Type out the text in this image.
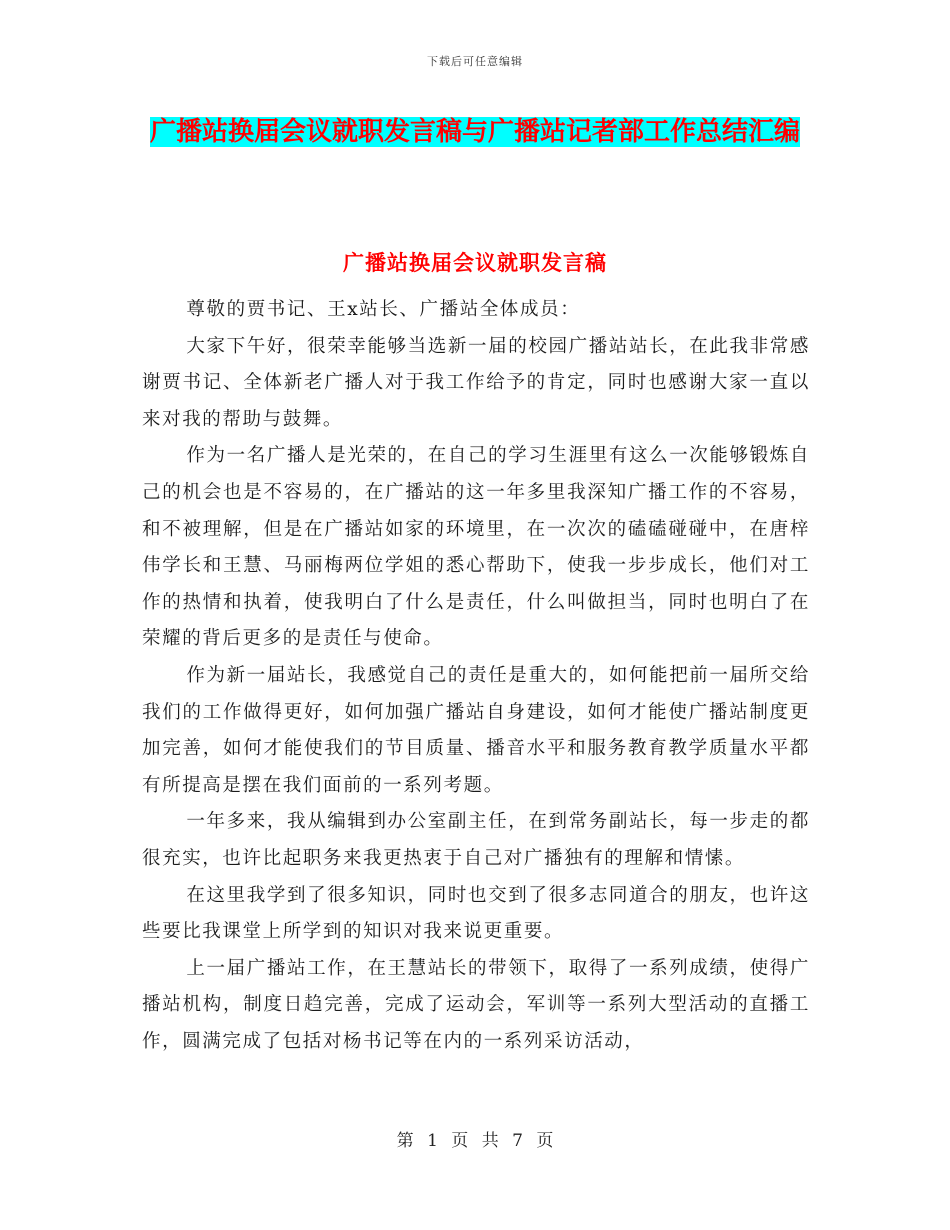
下载后可任意编辑
广播站换届会议就职发言稿与广播站记者部工作总结汇编
广播站换届会议就职发言稿

尊敬的贾书记、王x站长、广播站全体成员：

大家下午好，很荣幸能够当选新一届的校园广播站站长，在此我非常感谢贾书记、全体新老广播人对于我工作给予的肯定，同时也感谢大家一直以来对我的帮助与鼓舞。

作为一名广播人是光荣的，在自己的学习生涯里有这么一次能够锻炼自己的机会也是不容易的，在广播站的这一年多里我深知广播工作的不容易，和不被理解，但是在广播站如家的环境里，在一次次的磕磕碰碰中，在唐梓伟学长和王慧、马丽梅两位学姐的悉心帮助下，使我一步步成长，他们对工作的热情和执着，使我明白了什么是责任，什么叫做担当，同时也明白了在荣耀的背后更多的是责任与使命。

作为新一届站长，我感觉自己的责任是重大的，如何能把前一届所交给我们的工作做得更好，如何加强广播站自身建设，如何才能使广播站制度更加完善，如何才能使我们的节目质量、播音水平和服务教育教学质量水平都有所提高是摆在我们面前的一系列考题。

一年多来，我从编辑到办公室副主任，在到常务副站长，每一步走的都很充实，也许比起职务来我更热衷于自己对广播独有的理解和情愫。

在这里我学到了很多知识，同时也交到了很多志同道合的朋友，也许这些要比我课堂上所学到的知识对我来说更重要。

上一届广播站工作，在王慧站长的带领下，取得了一系列成绩，使得广播站机构，制度日趋完善，完成了运动会，军训等一系列大型活动的直播工作，圆满完成了包括对杨书记等在内的一系列采访活动，

第 1 页 共 7 页
